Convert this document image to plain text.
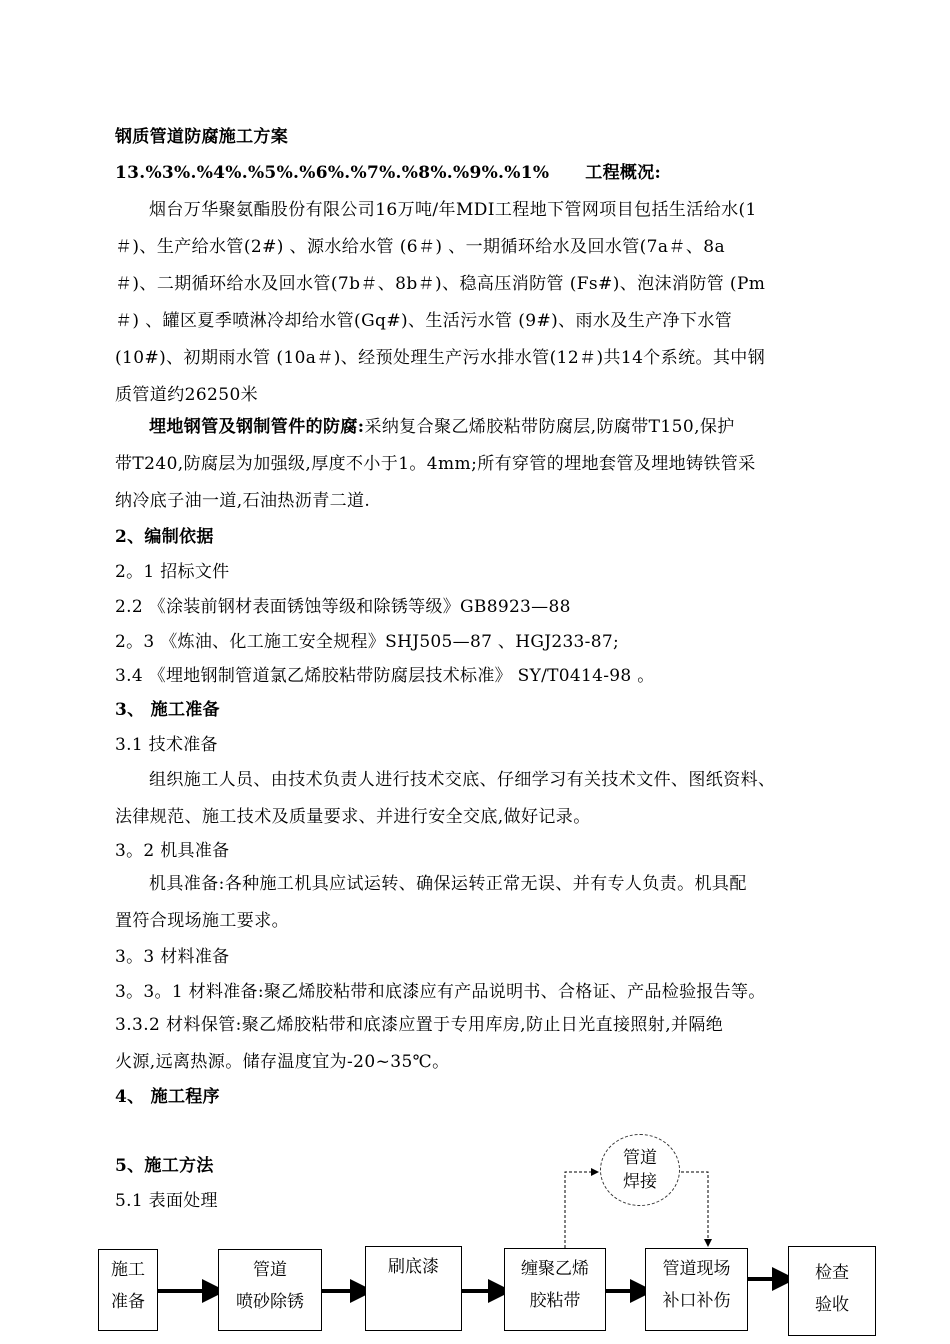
钢质管道防腐施工方案
13.%3%.%4%.%5%.%6%.%7%.%8%.%9%.%1% 工程概况:
烟台万华聚氨酯股份有限公司16万吨/年MDI工程地下管网项目包括生活给水(1
＃)、生产给水管(2#) 、源水给水管 (6＃) 、一期循环给水及回水管(7a＃、8a
＃)、二期循环给水及回水管(7b＃、8b＃)、稳高压消防管 (Fs#)、泡沫消防管 (Pm
＃) 、罐区夏季喷淋冷却给水管(Gq#)、生活污水管 (9#)、雨水及生产净下水管
(10#)、初期雨水管 (10a＃)、经预处理生产污水排水管(12＃)共14个系统。其中钢
质管道约26250米
埋地钢管及钢制管件的防腐:采纳复合聚乙烯胶粘带防腐层,防腐带T150,保护
带T240,防腐层为加强级,厚度不小于1。4mm;所有穿管的埋地套管及埋地铸铁管采
纳冷底子油一道,石油热沥青二道.
2、编制依据
2。1 招标文件
2.2 《涂装前钢材表面锈蚀等级和除锈等级》GB8923—88
2。3 《炼油、化工施工安全规程》SHJ505—87 、HGJ233-87;
3.4 《埋地钢制管道氯乙烯胶粘带防腐层技术标准》 SY/T0414-98 。
3、 施工准备
3.1 技术准备
组织施工人员、由技术负责人进行技术交底、仔细学习有关技术文件、图纸资料、
法律规范、施工技术及质量要求、并进行安全交底,做好记录。
3。2 机具准备
机具准备:各种施工机具应试运转、确保运转正常无误、并有专人负责。机具配
置符合现场施工要求。
3。3 材料准备
3。3。1 材料准备:聚乙烯胶粘带和底漆应有产品说明书、合格证、产品检验报告等。
3.3.2 材料保管:聚乙烯胶粘带和底漆应置于专用库房,防止日光直接照射,并隔绝
火源,远离热源。储存温度宜为-20~35℃。
4、 施工程序
5、施工方法
5.1 表面处理
施工
准备
管道
喷砂除锈
刷底漆	缠聚乙烯
胶粘带
管道现场
补口补伤
检查
验收
管道
焊接
